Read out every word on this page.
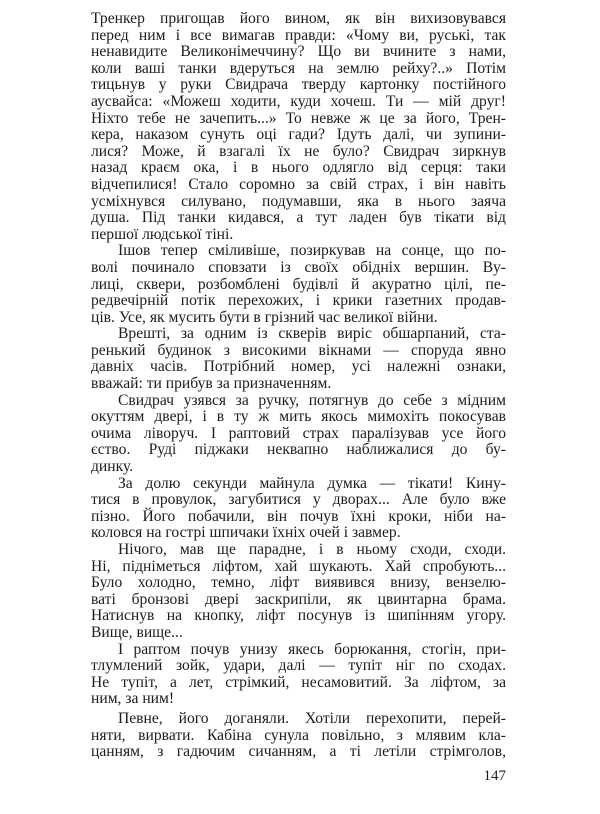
Тренкер пригощав його вином, як він вихизовувався
перед ним і все вимагав правди: «Чому ви, руські, так
ненавидите Великонімеччину? Що ви вчините з нами,
коли ваші танки вдеруться на землю рейху?..» Потім
тицьнув у руки Свидрача тверду картонку постійного
аусвайса: «Можеш ходити, куди хочеш. Ти — мій друг!
Ніхто тебе не зачепить...» То невже ж це за його, Трен-
кера, наказом сунуть оці гади? Ідуть далі, чи зупини-
лися? Може, й взагалі їх не було? Свидрач зиркнув
назад краєм ока, і в нього одлягло від серця: таки
відчепилися! Стало соромно за свій страх, і він навіть
усміхнувся силувано, подумавши, яка в нього заяча
душа. Під танки кидався, а тут ладен був тікати від
першої людської тіні.
Ішов тепер сміливіше, позиркував на сонце, що по-
волі починало сповзати із своїх обідніх вершин. Ву-
лиці, сквери, розбомблені будівлі й акуратно цілі, пе-
редвечірній потік перехожих, і крики газетних продав-
ців. Усе, як мусить бути в грізний час великої війни.
Врешті, за одним із скверів виріс обшарпаний, ста-
ренький будинок з високими вікнами — споруда явно
давніх часів. Потрібний номер, усі належні ознаки,
вважай: ти прибув за призначенням.
Свидрач узявся за ручку, потягнув до себе з мідним
окуттям двері, і в ту ж мить якось мимохіть покосував
очима ліворуч. І раптовий страх паралізував усе його
єство. Руді піджаки неквапно наближалися до бу-
динку.
За долю секунди майнула думка — тікати! Кину-
тися в провулок, загубитися у дворах... Але було вже
пізно. Його побачили, він почув їхні кроки, ніби на-
коловся на гострі шпичаки їхніх очей і завмер.
Нічого, мав ще парадне, і в ньому сходи, сходи.
Ні, підніметься ліфтом, хай шукають. Хай спробують...
Було холодно, темно, ліфт виявився внизу, вензелю-
ваті бронзові двері заскрипіли, як цвинтарна брама.
Натиснув на кнопку, ліфт посунув із шипінням угору.
Вище, вище...
І раптом почув унизу якесь борюкання, стогін, при-
тлумлений зойк, удари, далі — тупіт ніг по сходах.
Не тупіт, а лет, стрімкий, несамовитий. За ліфтом, за
ним, за ним!
Певне, його доганяли. Хотіли перехопити, перей-
няти, вирвати. Кабіна сунула повільно, з млявим кла-
цанням, з гадючим сичанням, а ті летіли стрімголов,
147
